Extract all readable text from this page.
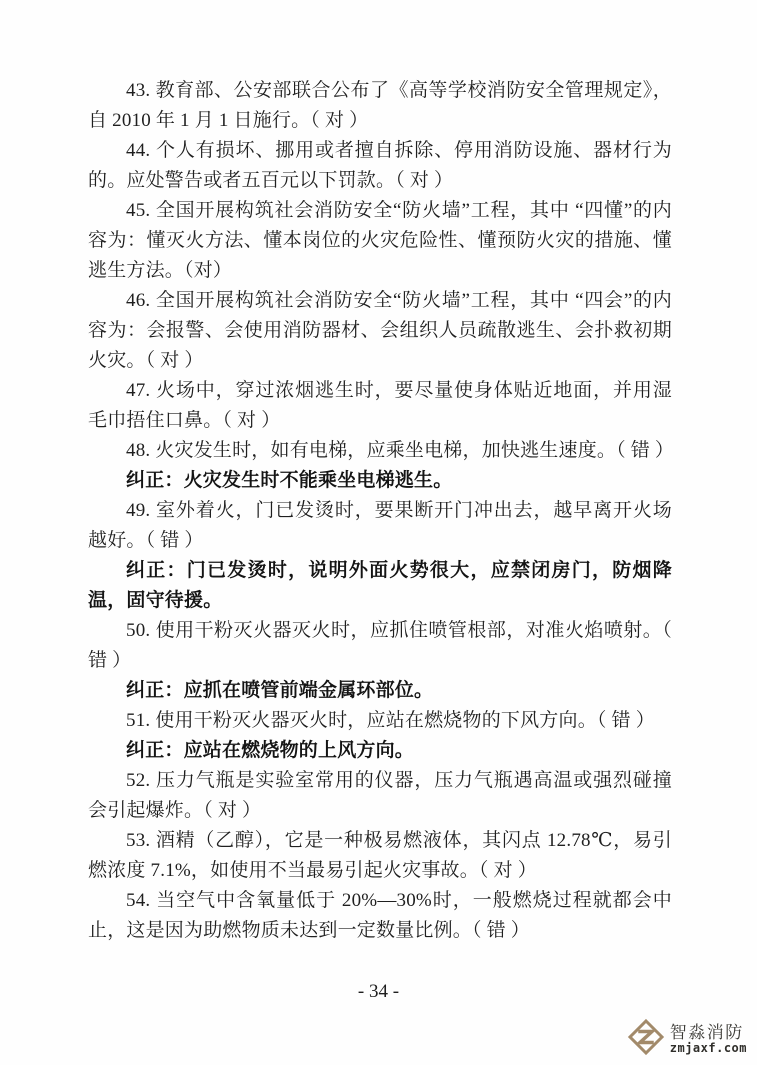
43. 教育部、公安部联合公布了《高等学校消防安全管理规定》，自 2010 年 1 月 1 日施行。（ 对 ）

44. 个人有损坏、挪用或者擅自拆除、停用消防设施、器材行为的。应处警告或者五百元以下罚款。（ 对 ）

45. 全国开展构筑社会消防安全“防火墙”工程，其中 “四懂”的内容为：懂灭火方法、懂本岗位的火灾危险性、懂预防火灾的措施、懂逃生方法。（对）

46. 全国开展构筑社会消防安全“防火墙”工程，其中 “四会”的内容为：会报警、会使用消防器材、会组织人员疏散逃生、会扑救初期火灾。（ 对 ）

47. 火场中，穿过浓烟逃生时，要尽量使身体贴近地面，并用湿毛巾捂住口鼻。（ 对 ）

48. 火灾发生时，如有电梯，应乘坐电梯，加快逃生速度。（ 错 ）

纠正：火灾发生时不能乘坐电梯逃生。

49. 室外着火，门已发烫时，要果断开门冲出去，越早离开火场越好。（ 错 ）

纠正：门已发烫时，说明外面火势很大，应禁闭房门，防烟降温，固守待援。

50. 使用干粉灭火器灭火时，应抓住喷管根部，对准火焰喷射。（ 错 ）

纠正：应抓在喷管前端金属环部位。

51. 使用干粉灭火器灭火时，应站在燃烧物的下风方向。（ 错 ）

纠正：应站在燃烧物的上风方向。

52. 压力气瓶是实验室常用的仪器，压力气瓶遇高温或强烈碰撞会引起爆炸。（ 对 ）

53. 酒精（乙醇），它是一种极易燃液体，其闪点 12.78℃，易引燃浓度 7.1%，如使用不当最易引起火灾事故。（ 对 ）

54. 当空气中含氧量低于 20%—30%时，一般燃烧过程就都会中止，这是因为助燃物质未达到一定数量比例。（ 错 ）

- 34 -
智淼消防
zmjaxf.com
